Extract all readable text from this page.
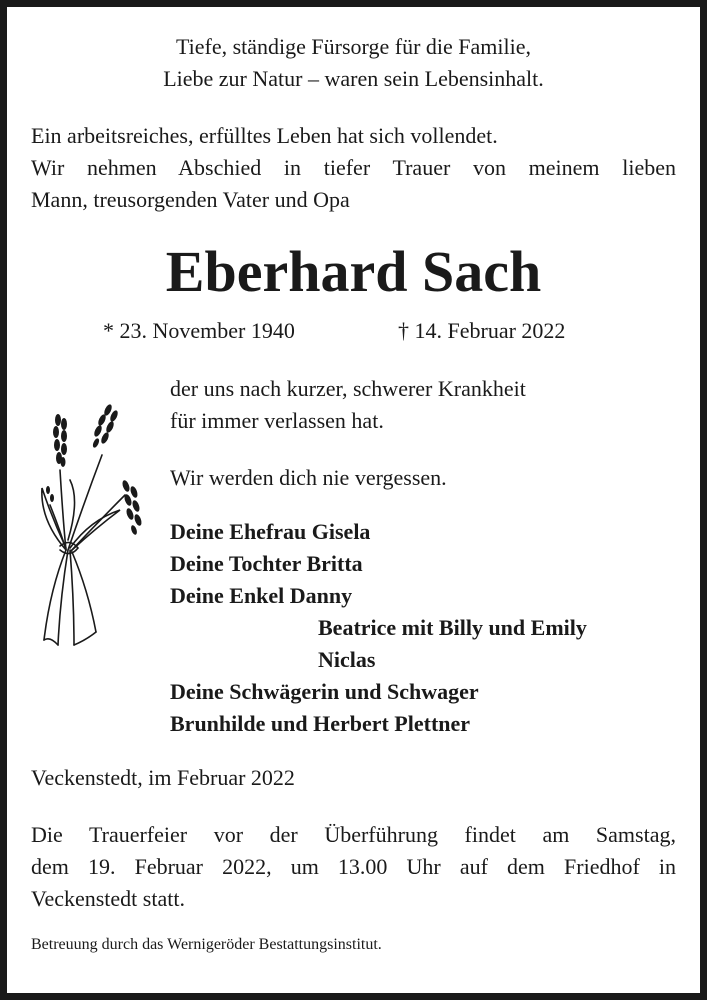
Tiefe, ständige Fürsorge für die Familie,
Liebe zur Natur – waren sein Lebensinhalt.
Ein arbeitsreiches, erfülltes Leben hat sich vollendet.
Wir nehmen Abschied in tiefer Trauer von meinem lieben
Mann, treusorgenden Vater und Opa
Eberhard Sach
* 23. November 1940	† 14. Februar 2022
der uns nach kurzer, schwerer Krankheit
für immer verlassen hat.
Wir werden dich nie vergessen.
Deine Ehefrau Gisela
Deine Tochter Britta
Deine Enkel Danny
Beatrice mit Billy und Emily
Niclas
Deine Schwägerin und Schwager
Brunhilde und Herbert Plettner
Veckenstedt, im Februar 2022
Die Trauerfeier vor der Überführung findet am Samstag,
dem 19. Februar 2022, um 13.00 Uhr auf dem Friedhof in
Veckenstedt statt.
Betreuung durch das Wernigeröder Bestattungsinstitut.
